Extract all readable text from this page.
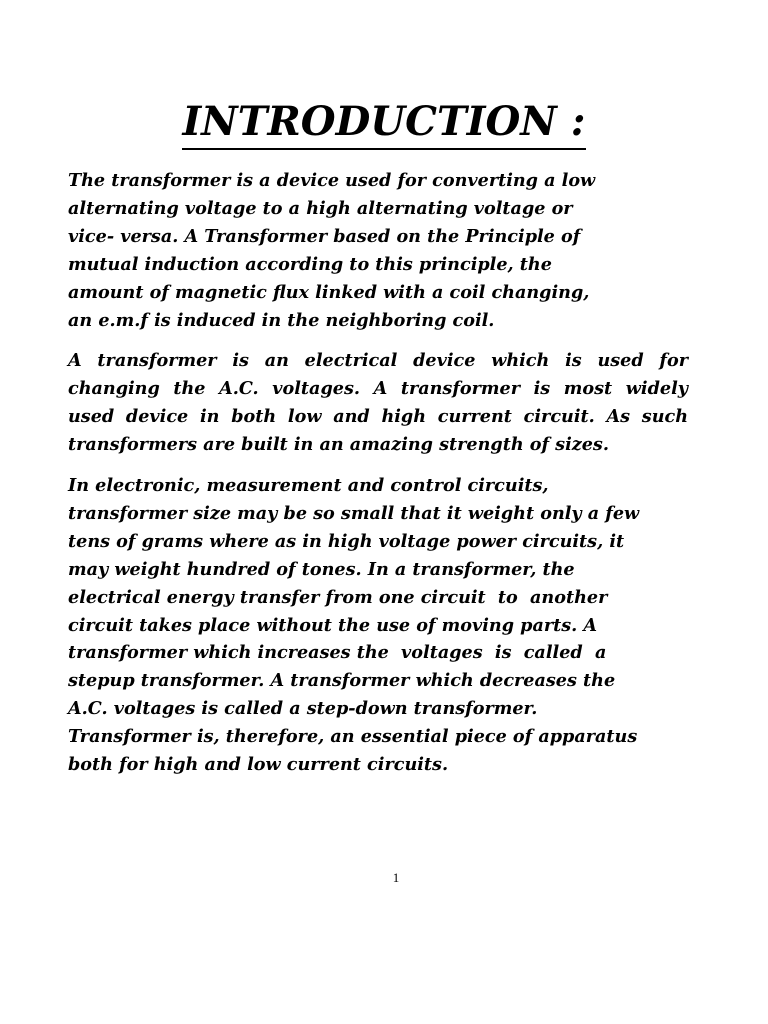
INTRODUCTION :
The transformer is a device used for converting a low
alternating voltage to a high alternating voltage or
vice- versa. A Transformer based on the Principle of
mutual induction according to this principle, the
amount of magnetic flux linked with a coil changing,
an e.m.f is induced in the neighboring coil.
A transformer is an electrical device which is used for
changing the A.C. voltages. A transformer is most widely
used device in both low and high current circuit. As such
transformers are built in an amazing strength of sizes.
In electronic, measurement and control circuits,
transformer size may be so small that it weight only a few
tens of grams where as in high voltage power circuits, it
may weight hundred of tones. In a transformer, the
electrical energy transfer from one circuit  to  another
circuit takes place without the use of moving parts. A
transformer which increases the  voltages  is  called  a
stepup transformer. A transformer which decreases the
A.C. voltages is called a step-down transformer.
Transformer is, therefore, an essential piece of apparatus
both for high and low current circuits.
1
